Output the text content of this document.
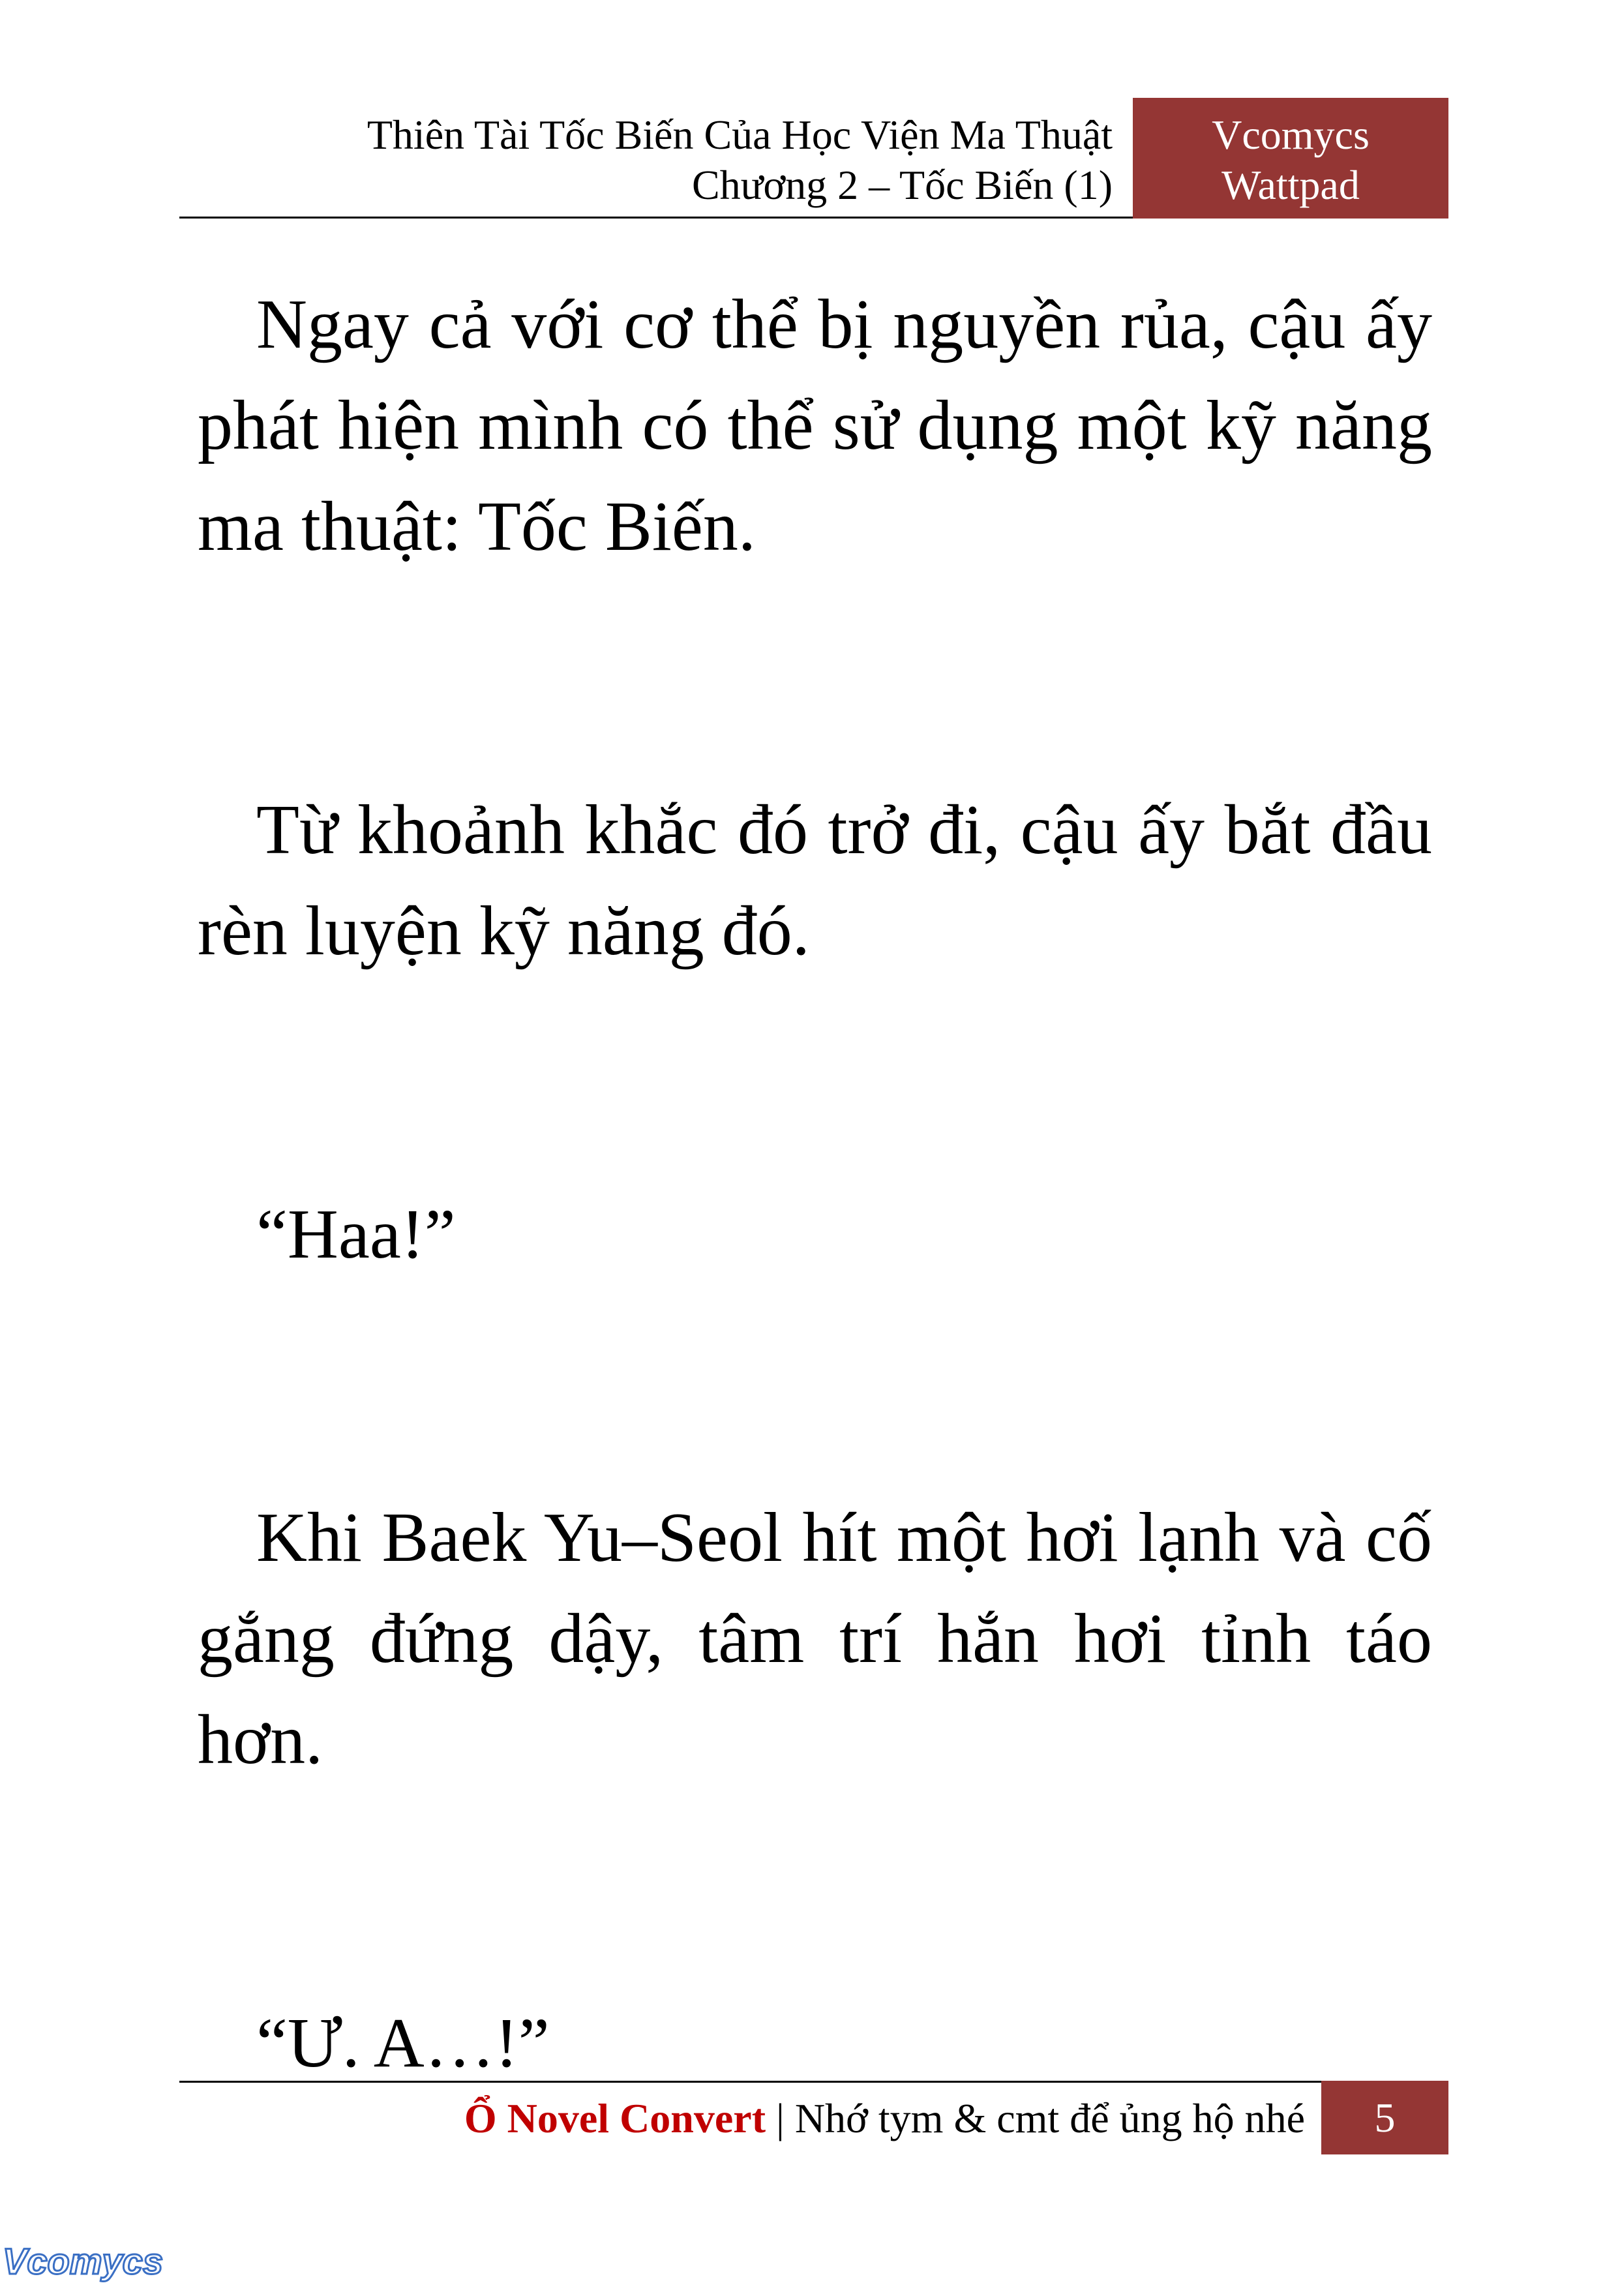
Thiên Tài Tốc Biến Của Học Viện Ma Thuật
Chương 2 – Tốc Biến (1)
Vcomycs
Wattpad

Ngay cả với cơ thể bị nguyền rủa, cậu ấy phát hiện mình có thể sử dụng một kỹ năng ma thuật: Tốc Biến.

Từ khoảnh khắc đó trở đi, cậu ấy bắt đầu rèn luyện kỹ năng đó.

“Haa!”

Khi Baek Yu–Seol hít một hơi lạnh và cố gắng đứng dậy, tâm trí hắn hơi tỉnh táo hơn.

“Ư. A…!”

Ổ Novel Convert | Nhớ tym & cmt để ủng hộ nhé	5
Vcomycs
